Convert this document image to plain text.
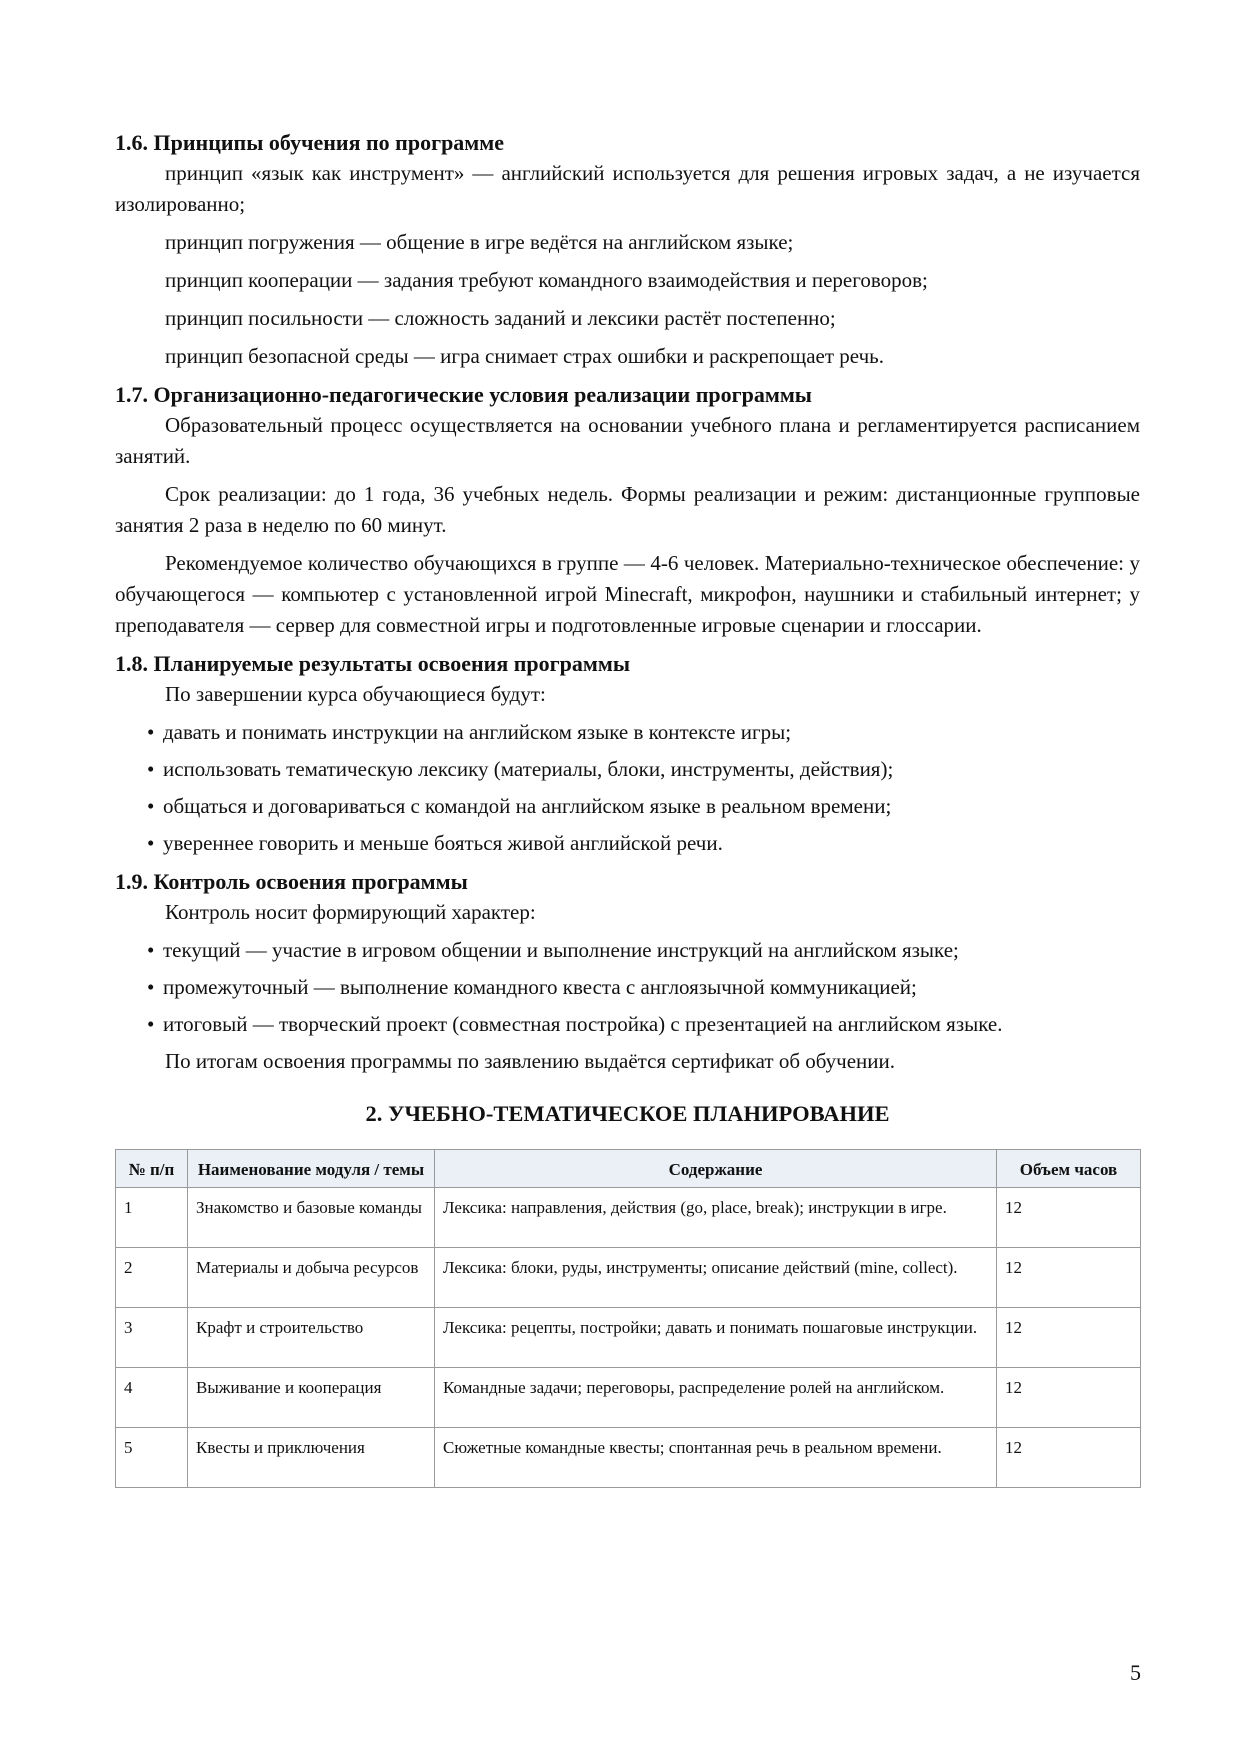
1.6. Принципы обучения по программе

принцип «язык как инструмент» — английский используется для решения игровых задач, а не изучается изолированно;

принцип погружения — общение в игре ведётся на английском языке;

принцип кооперации — задания требуют командного взаимодействия и переговоров;

принцип посильности — сложность заданий и лексики растёт постепенно;

принцип безопасной среды — игра снимает страх ошибки и раскрепощает речь.

1.7. Организационно-педагогические условия реализации программы

Образовательный процесс осуществляется на основании учебного плана и регламентируется расписанием занятий.

Срок реализации: до 1 года, 36 учебных недель. Формы реализации и режим: дистанционные групповые занятия 2 раза в неделю по 60 минут.

Рекомендуемое количество обучающихся в группе — 4-6 человек. Материально-техническое обеспечение: у обучающегося — компьютер с установленной игрой Minecraft, микрофон, наушники и стабильный интернет; у преподавателя — сервер для совместной игры и подготовленные игровые сценарии и глоссарии.

1.8. Планируемые результаты освоения программы

По завершении курса обучающиеся будут:

• давать и понимать инструкции на английском языке в контексте игры;

• использовать тематическую лексику (материалы, блоки, инструменты, действия);

• общаться и договариваться с командой на английском языке в реальном времени;

• увереннее говорить и меньше бояться живой английской речи.

1.9. Контроль освоения программы

Контроль носит формирующий характер:

• текущий — участие в игровом общении и выполнение инструкций на английском языке;

• промежуточный — выполнение командного квеста с англоязычной коммуникацией;

• итоговый — творческий проект (совместная постройка) с презентацией на английском языке.

По итогам освоения программы по заявлению выдаётся сертификат об обучении.

2. УЧЕБНО-ТЕМАТИЧЕСКОЕ ПЛАНИРОВАНИЕ

№ п/п	Наименование модуля / темы	Содержание	Объем часов
1	Знакомство и базовые команды	Лексика: направления, действия (go, place, break); инструкции в игре.	12
2	Материалы и добыча ресурсов	Лексика: блоки, руды, инструменты; описание действий (mine, collect).	12
3	Крафт и строительство	Лексика: рецепты, постройки; давать и понимать пошаговые инструкции.	12
4	Выживание и кооперация	Командные задачи; переговоры, распределение ролей на английском.	12
5	Квесты и приключения	Сюжетные командные квесты; спонтанная речь в реальном времени.	12
5
